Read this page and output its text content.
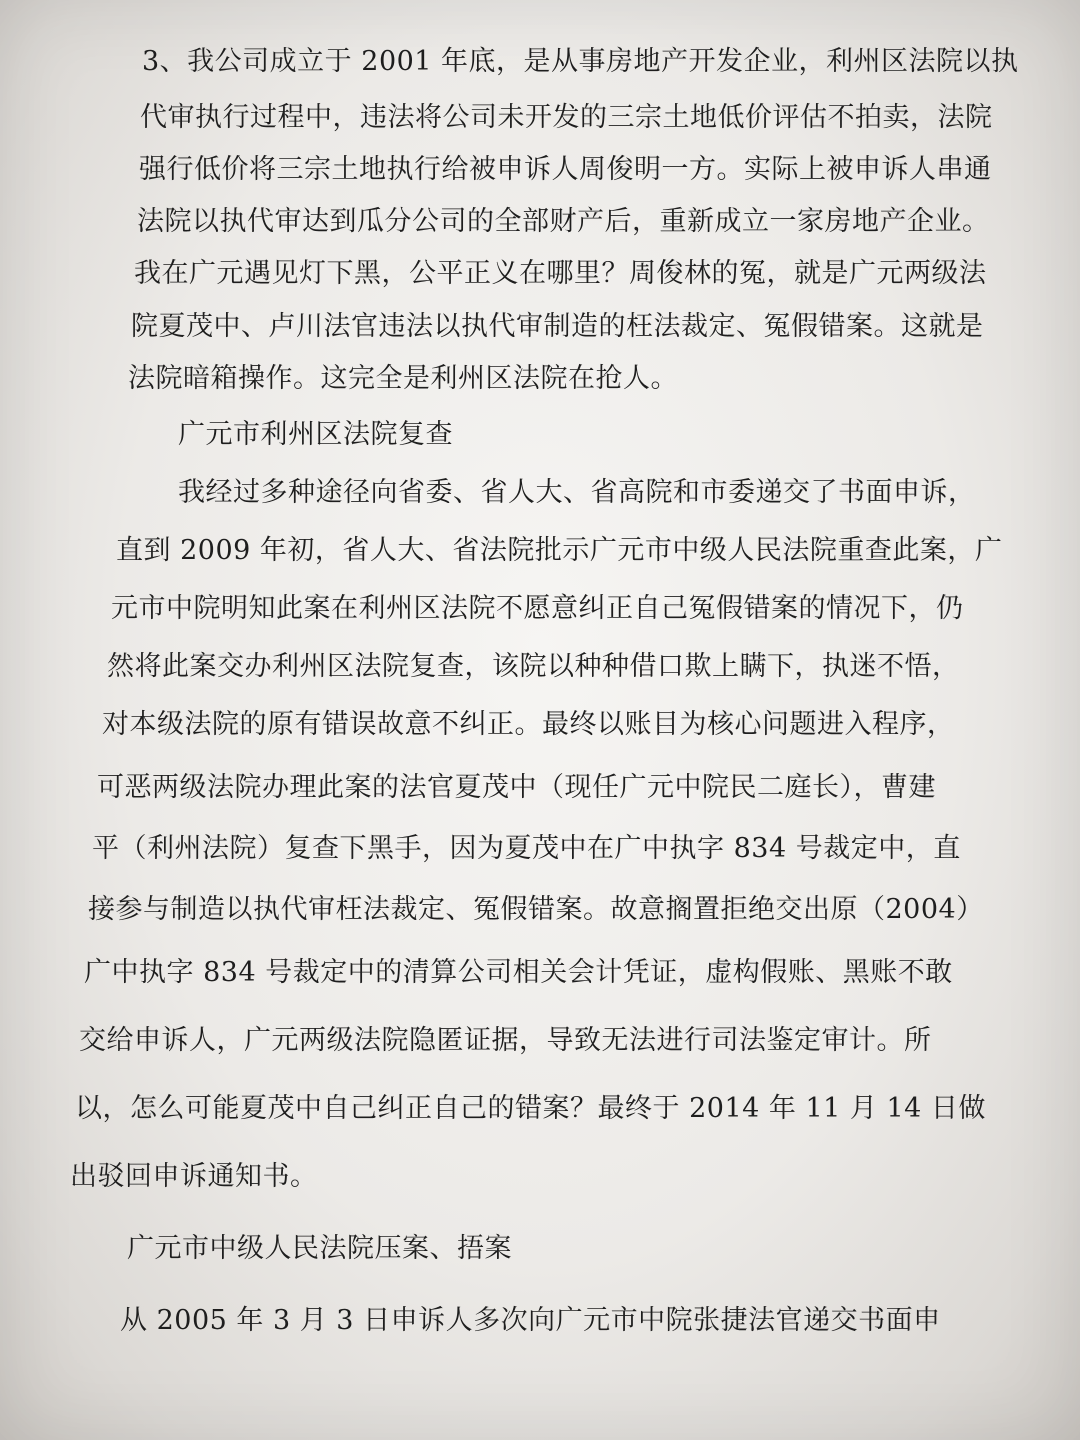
3、我公司成立于 2001 年底，是从事房地产开发企业，利州区法院以执
代审执行过程中，违法将公司未开发的三宗土地低价评估不拍卖，法院
强行低价将三宗土地执行给被申诉人周俊明一方。实际上被申诉人串通
法院以执代审达到瓜分公司的全部财产后，重新成立一家房地产企业。
我在广元遇见灯下黑，公平正义在哪里？周俊林的冤，就是广元两级法
院夏茂中、卢川法官违法以执代审制造的枉法裁定、冤假错案。这就是
法院暗箱操作。这完全是利州区法院在抢人。
广元市利州区法院复查
我经过多种途径向省委、省人大、省高院和市委递交了书面申诉，
直到 2009 年初，省人大、省法院批示广元市中级人民法院重查此案，广
元市中院明知此案在利州区法院不愿意纠正自己冤假错案的情况下，仍
然将此案交办利州区法院复查，该院以种种借口欺上瞒下，执迷不悟，
对本级法院的原有错误故意不纠正。最终以账目为核心问题进入程序，
可恶两级法院办理此案的法官夏茂中（现任广元中院民二庭长），曹建
平（利州法院）复查下黑手，因为夏茂中在广中执字 834 号裁定中，直
接参与制造以执代审枉法裁定、冤假错案。故意搁置拒绝交出原（2004）
广中执字 834 号裁定中的清算公司相关会计凭证，虚构假账、黑账不敢
交给申诉人，广元两级法院隐匿证据，导致无法进行司法鉴定审计。所
以，怎么可能夏茂中自己纠正自己的错案？最终于 2014 年 11 月 14 日做
出驳回申诉通知书。
广元市中级人民法院压案、捂案
从 2005 年 3 月 3 日申诉人多次向广元市中院张捷法官递交书面申
